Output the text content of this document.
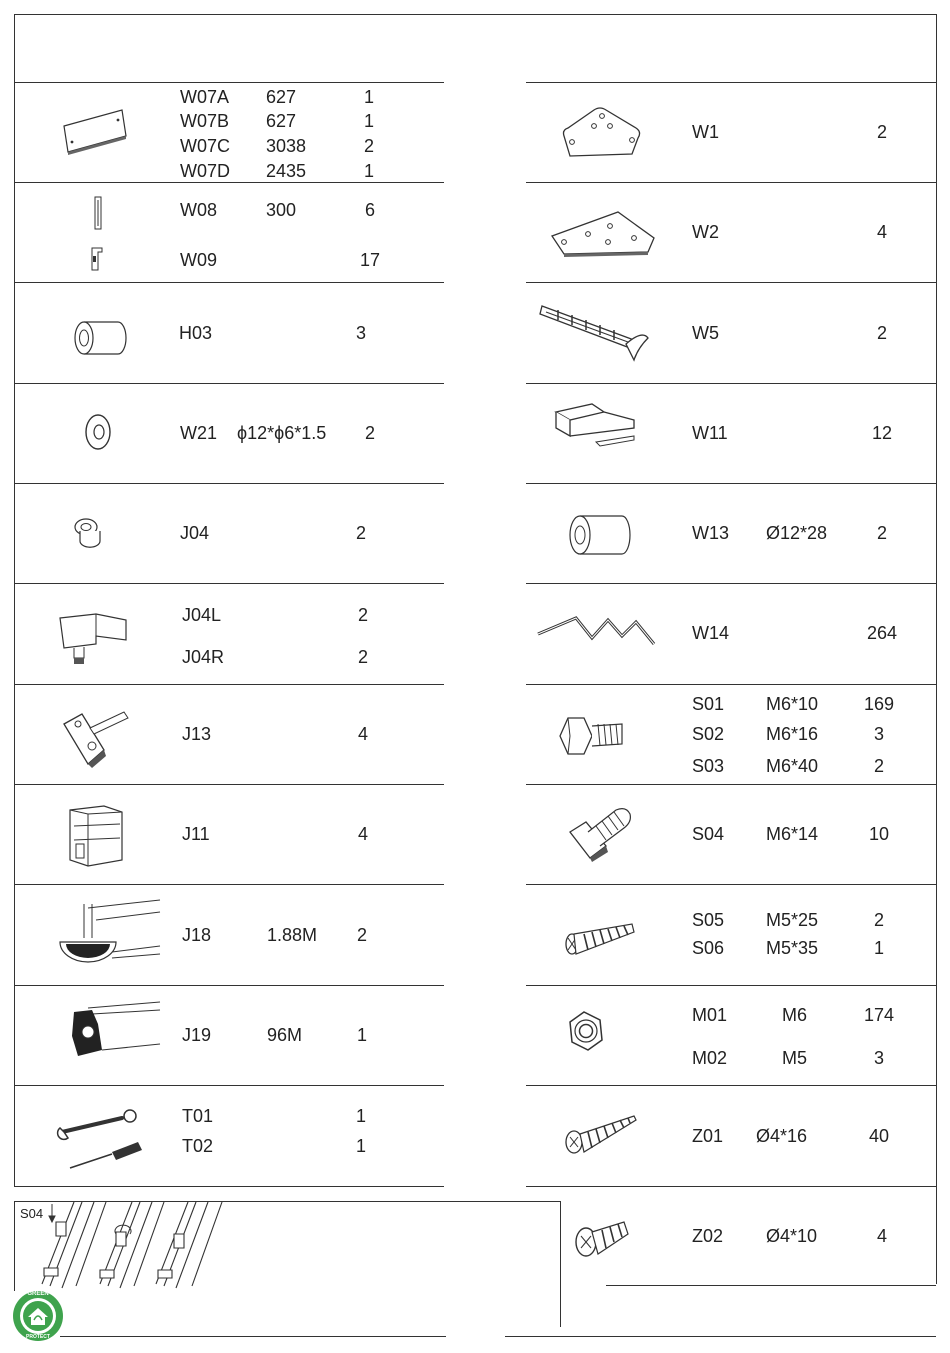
W07A 627	1
W07B 627	1
W07C 3038	2
W07D 2435	1
W08	300	6
W09	17
H03	3
W21 ϕ12*ϕ6*1.5 2
J04	2
J04L	2
J04R	2
J13	4
J11	4
J18	1.88M 2
J19	96M	1
T01	1
T02	1
W1	2
W2	4
W5	2
W11	12
W13 Ø12*28	2
W14	264
S01 M6*10	169
S02 M6*16	3
S03 M6*40	2
S04 M6*14	10
S05 M5*25	2
S06 M5*35	1
M01	M6	174
M02	M5	3
Z01 Ø4*16	40
Z02 Ø4*10	4
S04
GREEN
PROTECT
